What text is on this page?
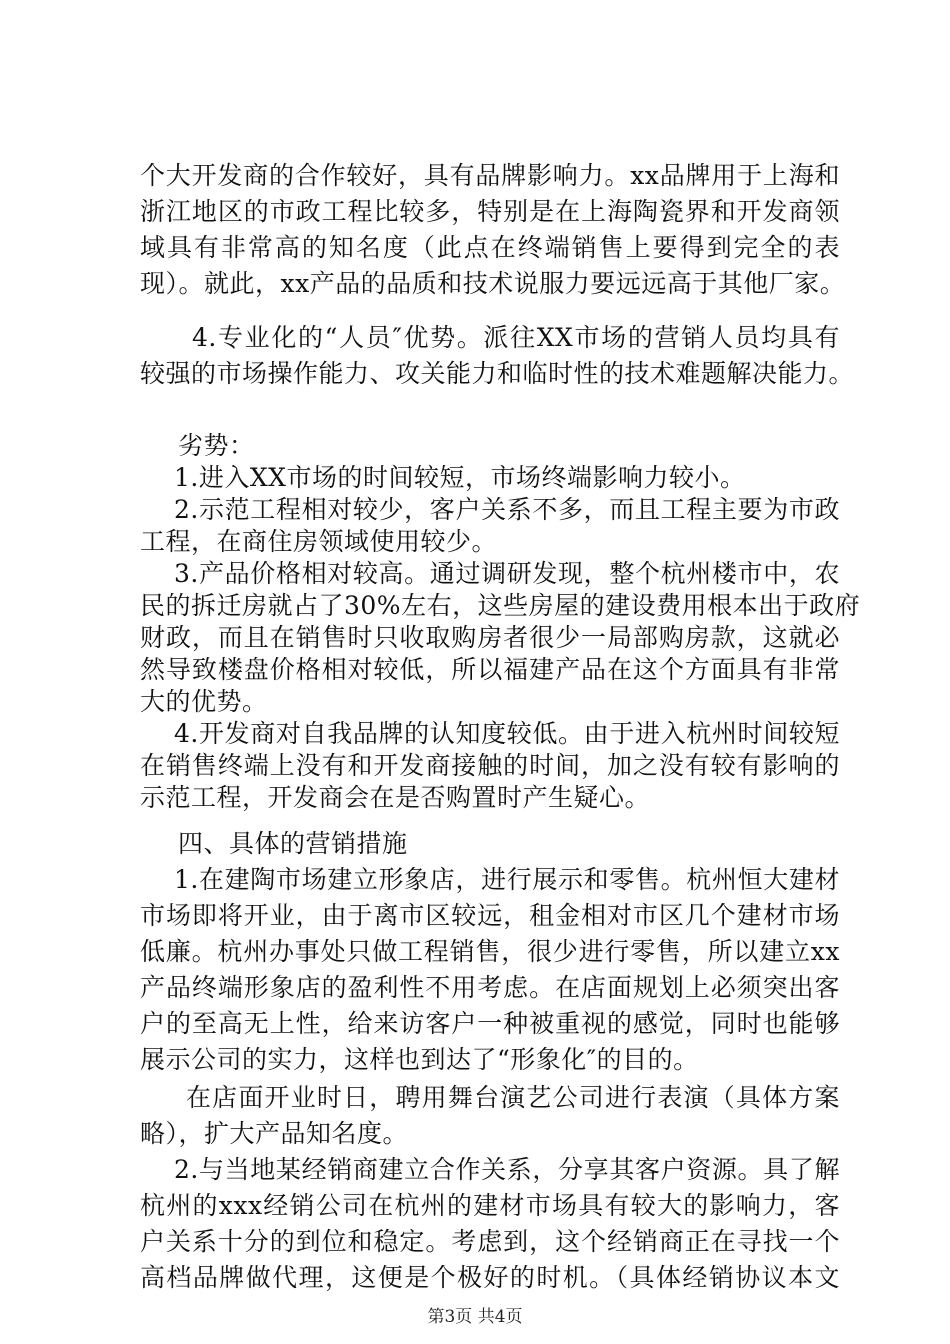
个大开发商的合作较好，具有品牌影响力。xx品牌用于上海和
浙江地区的市政工程比较多，特别是在上海陶瓷界和开发商领
域具有非常高的知名度（此点在终端销售上要得到完全的表
现）。就此，xx产品的品质和技术说服力要远远高于其他厂家。
4.专业化的“人员″优势。派往XX市场的营销人员均具有
较强的市场操作能力、攻关能力和临时性的技术难题解决能力。
劣势：
1.进入XX市场的时间较短，市场终端影响力较小。
2.示范工程相对较少，客户关系不多，而且工程主要为市政
工程，在商住房领域使用较少。
3.产品价格相对较高。通过调研发现，整个杭州楼市中，农
民的拆迁房就占了30%左右，这些房屋的建设费用根本出于政府
财政，而且在销售时只收取购房者很少一局部购房款，这就必
然导致楼盘价格相对较低，所以福建产品在这个方面具有非常
大的优势。
4.开发商对自我品牌的认知度较低。由于进入杭州时间较短
在销售终端上没有和开发商接触的时间，加之没有较有影响的
示范工程，开发商会在是否购置时产生疑心。
第3页 共4页
四、具体的营销措施
1.在建陶市场建立形象店，进行展示和零售。杭州恒大建材
市场即将开业，由于离市区较远，租金相对市区几个建材市场
低廉。杭州办事处只做工程销售，很少进行零售，所以建立xx
产品终端形象店的盈利性不用考虑。在店面规划上必须突出客
户的至高无上性，给来访客户一种被重视的感觉，同时也能够
展示公司的实力，这样也到达了“形象化″的目的。
在店面开业时日，聘用舞台演艺公司进行表演（具体方案
略），扩大产品知名度。
2.与当地某经销商建立合作关系，分享其客户资源。具了解
杭州的xxx经销公司在杭州的建材市场具有较大的影响力，客
户关系十分的到位和稳定。考虑到，这个经销商正在寻找一个
高档品牌做代理，这便是个极好的时机。（具体经销协议本文
